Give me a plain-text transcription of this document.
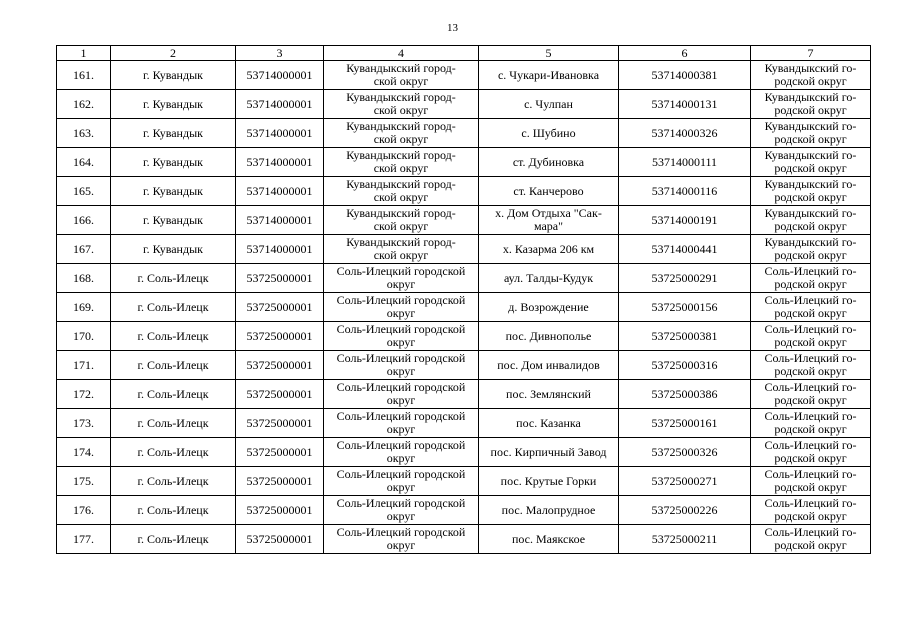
13
1	2	3	4	5	6	7

161.	г. Кувандык	53714000001	Кувандыкский город-
ской округ	с. Чукари-Ивановка	53714000381	Кувандыкский го-
родской округ

162.	г. Кувандык	53714000001	Кувандыкский город-
ской округ	с. Чулпан	53714000131	Кувандыкский го-
родской округ

163.	г. Кувандык	53714000001	Кувандыкский город-
ской округ	с. Шубино	53714000326	Кувандыкский го-
родской округ

164.	г. Кувандык	53714000001	Кувандыкский город-
ской округ	ст. Дубиновка	53714000111	Кувандыкский го-
родской округ

165.	г. Кувандык	53714000001	Кувандыкский город-
ской округ	ст. Канчерово	53714000116	Кувандыкский го-
родской округ

166.	г. Кувандык	53714000001	Кувандыкский город-
ской округ	х. Дом Отдыха "Сак-
мара"	53714000191	Кувандыкский го-
родской округ

167.	г. Кувандык	53714000001	Кувандыкский город-
ской округ	х. Казарма 206 км	53714000441	Кувандыкский го-
родской округ

168.	г. Соль-Илецк	53725000001	Соль-Илецкий городской
округ	аул. Талды-Кудук	53725000291	Соль-Илецкий го-
родской округ

169.	г. Соль-Илецк	53725000001	Соль-Илецкий городской
округ	д. Возрождение	53725000156	Соль-Илецкий го-
родской округ

170.	г. Соль-Илецк	53725000001	Соль-Илецкий городской
округ	пос. Дивнополье	53725000381	Соль-Илецкий го-
родской округ

171.	г. Соль-Илецк	53725000001	Соль-Илецкий городской
округ	пос. Дом инвалидов	53725000316	Соль-Илецкий го-
родской округ

172.	г. Соль-Илецк	53725000001	Соль-Илецкий городской
округ	пос. Землянский	53725000386	Соль-Илецкий го-
родской округ

173.	г. Соль-Илецк	53725000001	Соль-Илецкий городской
округ	пос. Казанка	53725000161	Соль-Илецкий го-
родской округ

174.	г. Соль-Илецк	53725000001	Соль-Илецкий городской
округ	пос. Кирпичный Завод	53725000326	Соль-Илецкий го-
родской округ

175.	г. Соль-Илецк	53725000001	Соль-Илецкий городской
округ	пос. Крутые Горки	53725000271	Соль-Илецкий го-
родской округ

176.	г. Соль-Илецк	53725000001	Соль-Илецкий городской
округ	пос. Малопрудное	53725000226	Соль-Илецкий го-
родской округ

177.	г. Соль-Илецк	53725000001	Соль-Илецкий городской
округ	пос. Маякское	53725000211	Соль-Илецкий го-
родской округ
